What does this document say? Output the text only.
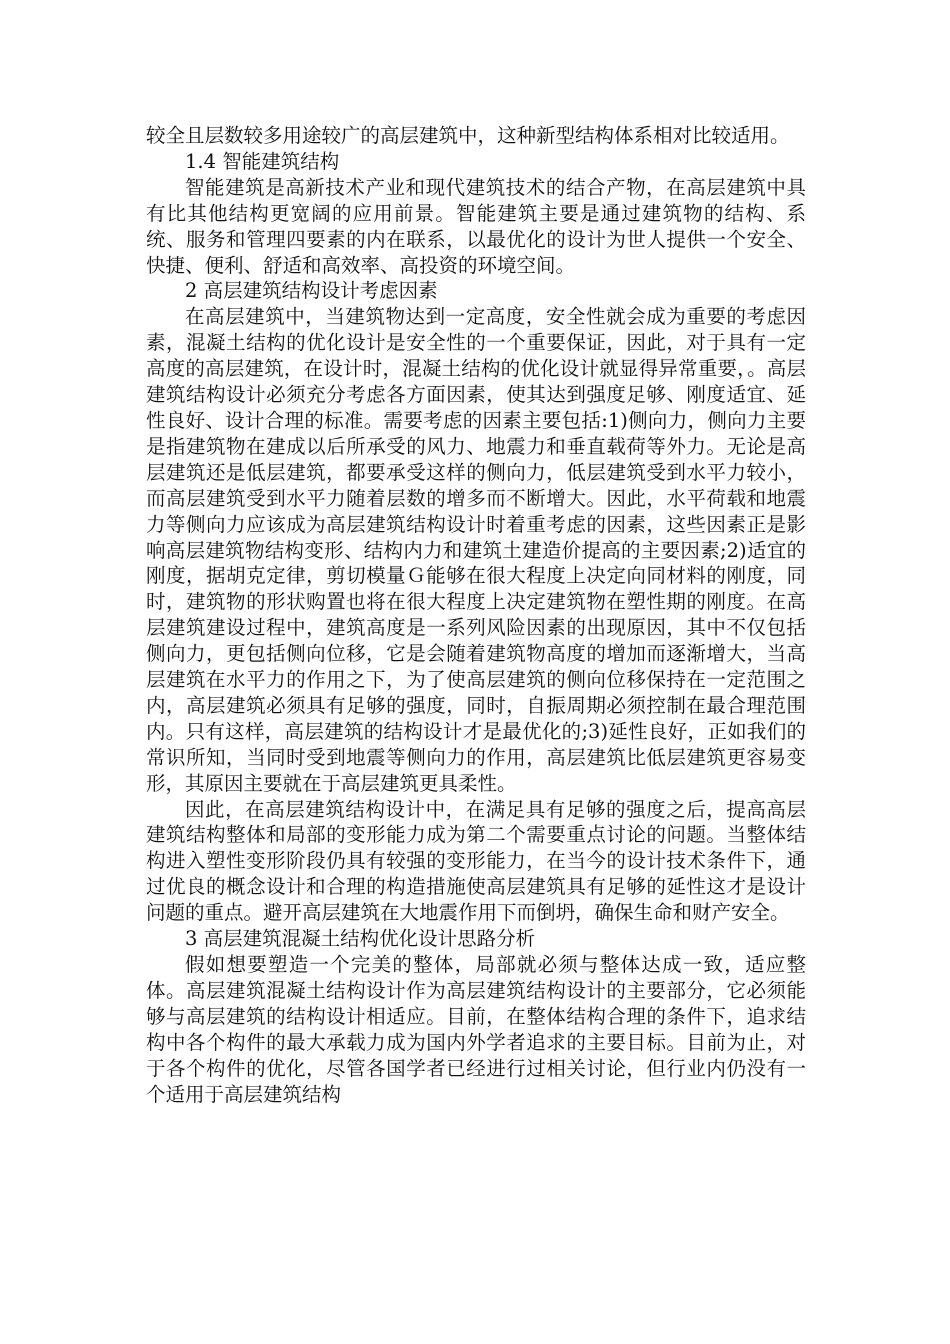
较全且层数较多用途较广的高层建筑中，这种新型结构体系相对比较适用。

1.4 智能建筑结构

智能建筑是高新技术产业和现代建筑技术的结合产物，在高层建筑中具有比其他结构更宽阔的应用前景。智能建筑主要是通过建筑物的结构、系统、服务和管理四要素的内在联系，以最优化的设计为世人提供一个安全、快捷、便利、舒适和高效率、高投资的环境空间。

2 高层建筑结构设计考虑因素

在高层建筑中，当建筑物达到一定高度，安全性就会成为重要的考虑因素，混凝土结构的优化设计是安全性的一个重要保证，因此，对于具有一定高度的高层建筑，在设计时，混凝土结构的优化设计就显得异常重要，。高层建筑结构设计必须充分考虑各方面因素，使其达到强度足够、刚度适宜、延性良好、设计合理的标准。需要考虑的因素主要包括:1)侧向力，侧向力主要是指建筑物在建成以后所承受的风力、地震力和垂直载荷等外力。无论是高层建筑还是低层建筑，都要承受这样的侧向力，低层建筑受到水平力较小，而高层建筑受到水平力随着层数的增多而不断增大。因此，水平荷载和地震力等侧向力应该成为高层建筑结构设计时着重考虑的因素，这些因素正是影响高层建筑物结构变形、结构内力和建筑土建造价提高的主要因素;2)适宜的刚度，据胡克定律，剪切模量Ｇ能够在很大程度上决定向同材料的刚度，同时，建筑物的形状购置也将在很大程度上决定建筑物在塑性期的刚度。在高层建筑建设过程中，建筑高度是一系列风险因素的出现原因，其中不仅包括侧向力，更包括侧向位移，它是会随着建筑物高度的增加而逐渐增大，当高层建筑在水平力的作用之下，为了使高层建筑的侧向位移保持在一定范围之内，高层建筑必须具有足够的强度，同时，自振周期必须控制在最合理范围内。只有这样，高层建筑的结构设计才是最优化的;3)延性良好，正如我们的常识所知，当同时受到地震等侧向力的作用，高层建筑比低层建筑更容易变形，其原因主要就在于高层建筑更具柔性。

因此，在高层建筑结构设计中，在满足具有足够的强度之后，提高高层建筑结构整体和局部的变形能力成为第二个需要重点讨论的问题。当整体结构进入塑性变形阶段仍具有较强的变形能力，在当今的设计技术条件下，通过优良的概念设计和合理的构造措施使高层建筑具有足够的延性这才是设计问题的重点。避开高层建筑在大地震作用下而倒坍，确保生命和财产安全。

3 高层建筑混凝土结构优化设计思路分析

假如想要塑造一个完美的整体，局部就必须与整体达成一致，适应整体。高层建筑混凝土结构设计作为高层建筑结构设计的主要部分，它必须能够与高层建筑的结构设计相适应。目前，在整体结构合理的条件下，追求结构中各个构件的最大承载力成为国内外学者追求的主要目标。目前为止，对于各个构件的优化，尽管各国学者已经进行过相关讨论，但行业内仍没有一个适用于高层建筑结构
